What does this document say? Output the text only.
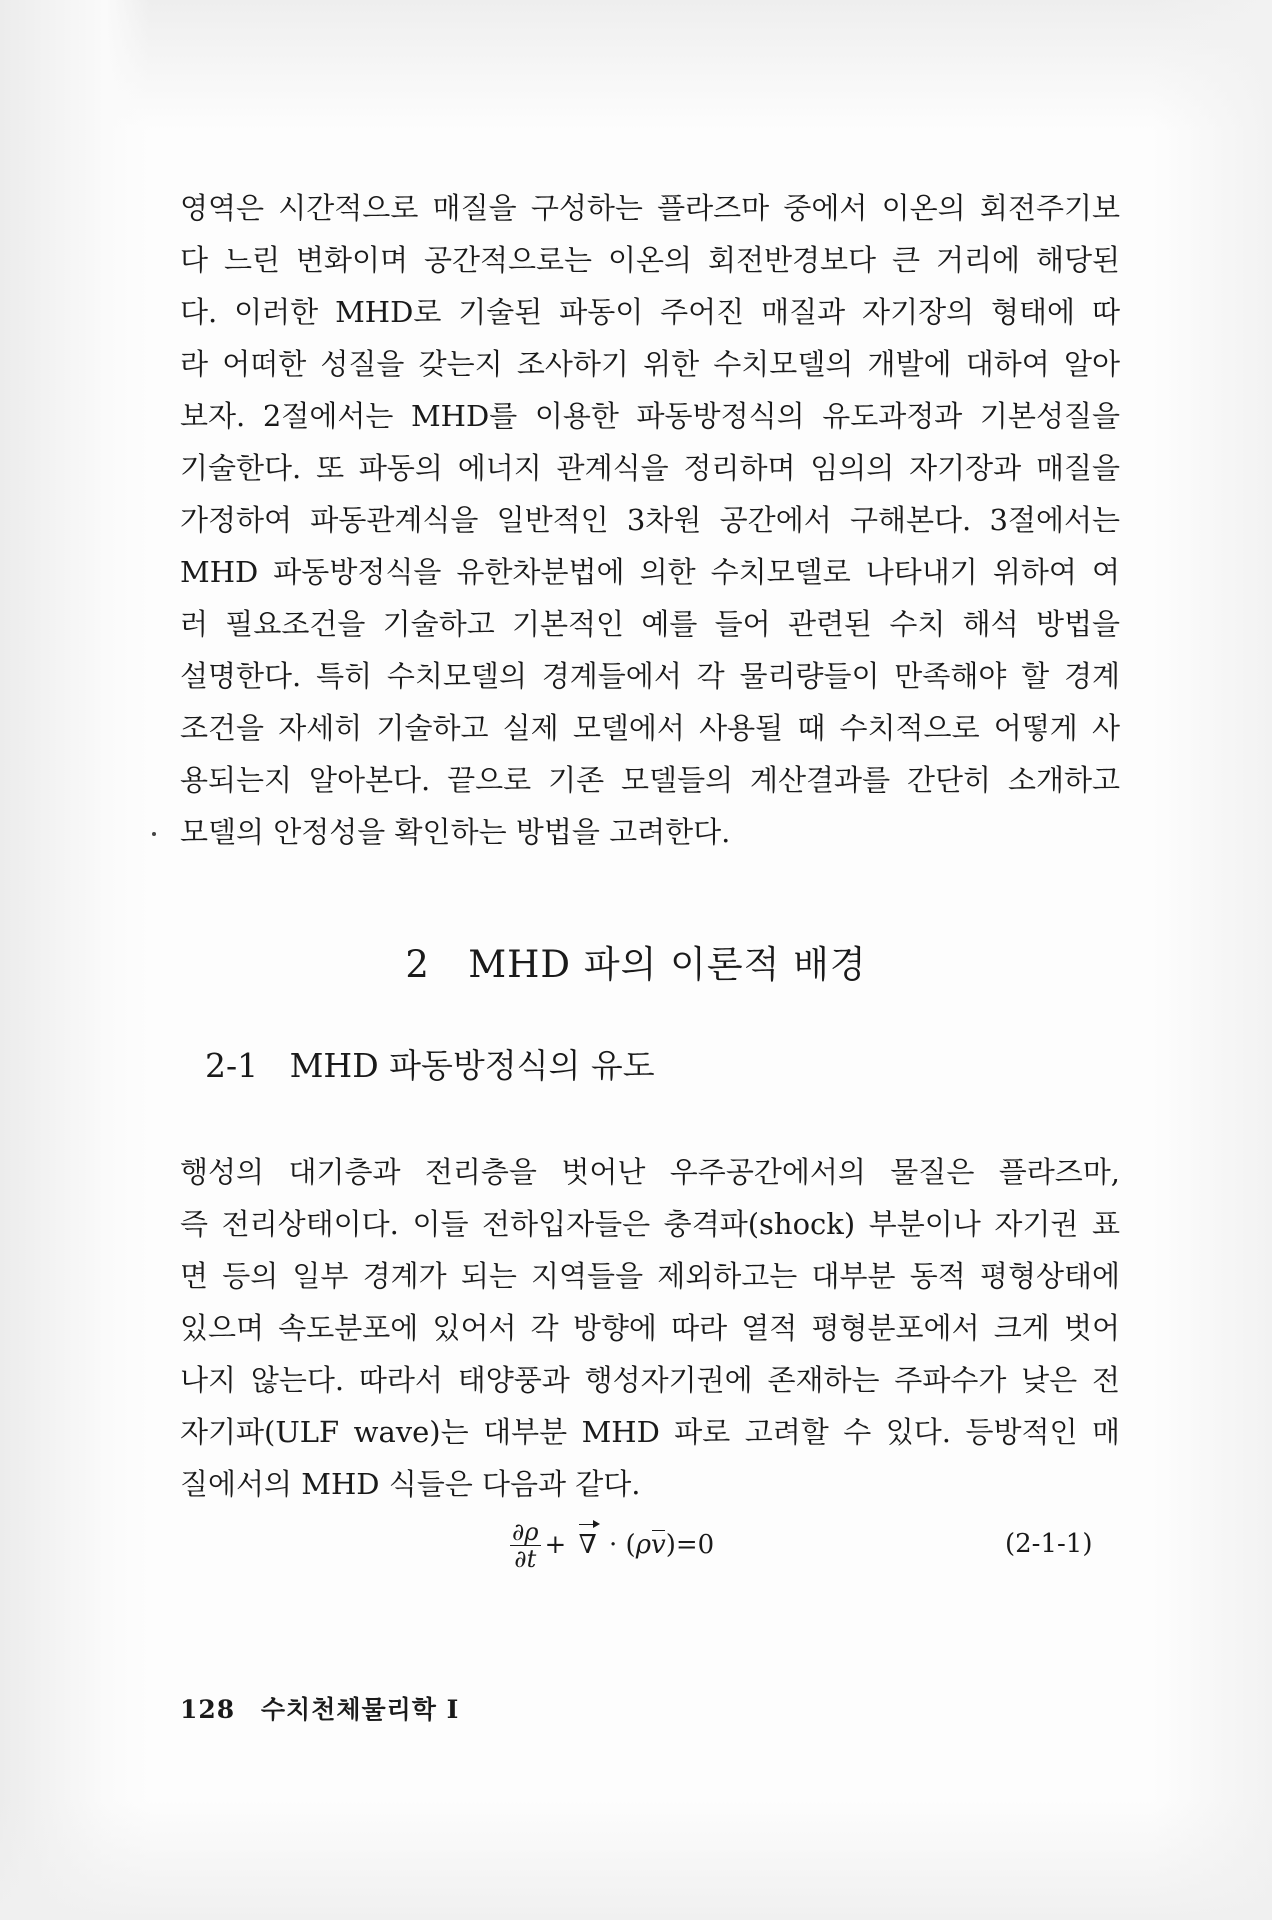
영역은 시간적으로 매질을 구성하는 플라즈마 중에서 이온의 회전주기보
다 느린 변화이며 공간적으로는 이온의 회전반경보다 큰 거리에 해당된
다. 이러한 MHD로 기술된 파동이 주어진 매질과 자기장의 형태에 따
라 어떠한 성질을 갖는지 조사하기 위한 수치모델의 개발에 대하여 알아
보자. 2절에서는 MHD를 이용한 파동방정식의 유도과정과 기본성질을
기술한다. 또 파동의 에너지 관계식을 정리하며 임의의 자기장과 매질을
가정하여 파동관계식을 일반적인 3차원 공간에서 구해본다. 3절에서는
MHD 파동방정식을 유한차분법에 의한 수치모델로 나타내기 위하여 여
러 필요조건을 기술하고 기본적인 예를 들어 관련된 수치 해석 방법을
설명한다. 특히 수치모델의 경계들에서 각 물리량들이 만족해야 할 경계
조건을 자세히 기술하고 실제 모델에서 사용될 때 수치적으로 어떻게 사
용되는지 알아본다. 끝으로 기존 모델들의 계산결과를 간단히 소개하고
모델의 안정성을 확인하는 방법을 고려한다.
2 MHD 파의 이론적 배경
2-1 MHD 파동방정식의 유도
행성의 대기층과 전리층을 벗어난 우주공간에서의 물질은 플라즈마,
즉 전리상태이다. 이들 전하입자들은 충격파(shock) 부분이나 자기권 표
면 등의 일부 경계가 되는 지역들을 제외하고는 대부분 동적 평형상태에
있으며 속도분포에 있어서 각 방향에 따라 열적 평형분포에서 크게 벗어
나지 않는다. 따라서 태양풍과 행성자기권에 존재하는 주파수가 낮은 전
자기파(ULF wave)는 대부분 MHD 파로 고려할 수 있다. 등방적인 매
질에서의 MHD 식들은 다음과 같다.
$\frac{\partial\rho}{\partial t}$ + ∇ · (ρv)=0	(2-1-1)
128 수치천체물리학 I
